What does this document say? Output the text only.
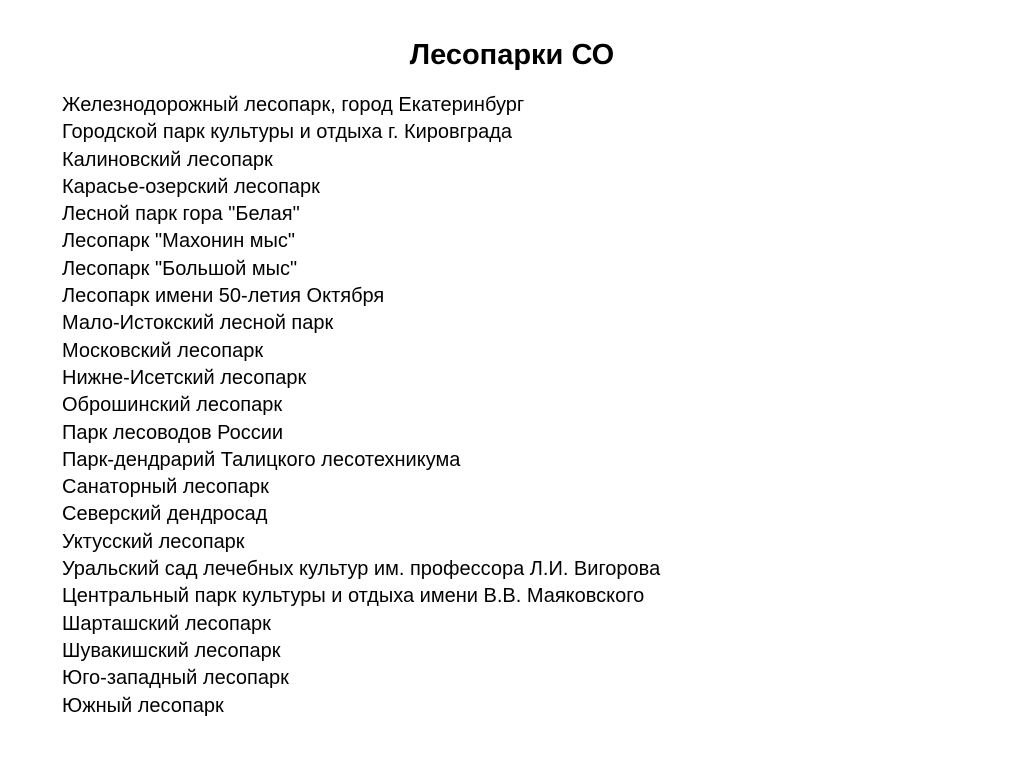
Лесопарки СО
Железнодорожный лесопарк, город Екатеринбург
Городской парк культуры и отдыха г. Кировграда
Калиновский лесопарк
Карасье-озерский лесопарк
Лесной парк гора "Белая"
Лесопарк "Махонин мыс"
Лесопарк "Большой мыс"
Лесопарк имени 50-летия Октября
Мало-Истокский лесной парк
Московский лесопарк
Нижне-Исетский лесопарк
Оброшинский лесопарк
Парк лесоводов России
Парк-дендрарий Талицкого лесотехникума
Санаторный лесопарк
Северский дендросад
Уктусский лесопарк
Уральский сад лечебных культур им. профессора Л.И. Вигорова
Центральный парк культуры и отдыха имени В.В. Маяковского
Шарташский лесопарк
Шувакишский лесопарк
Юго-западный лесопарк
Южный лесопарк
